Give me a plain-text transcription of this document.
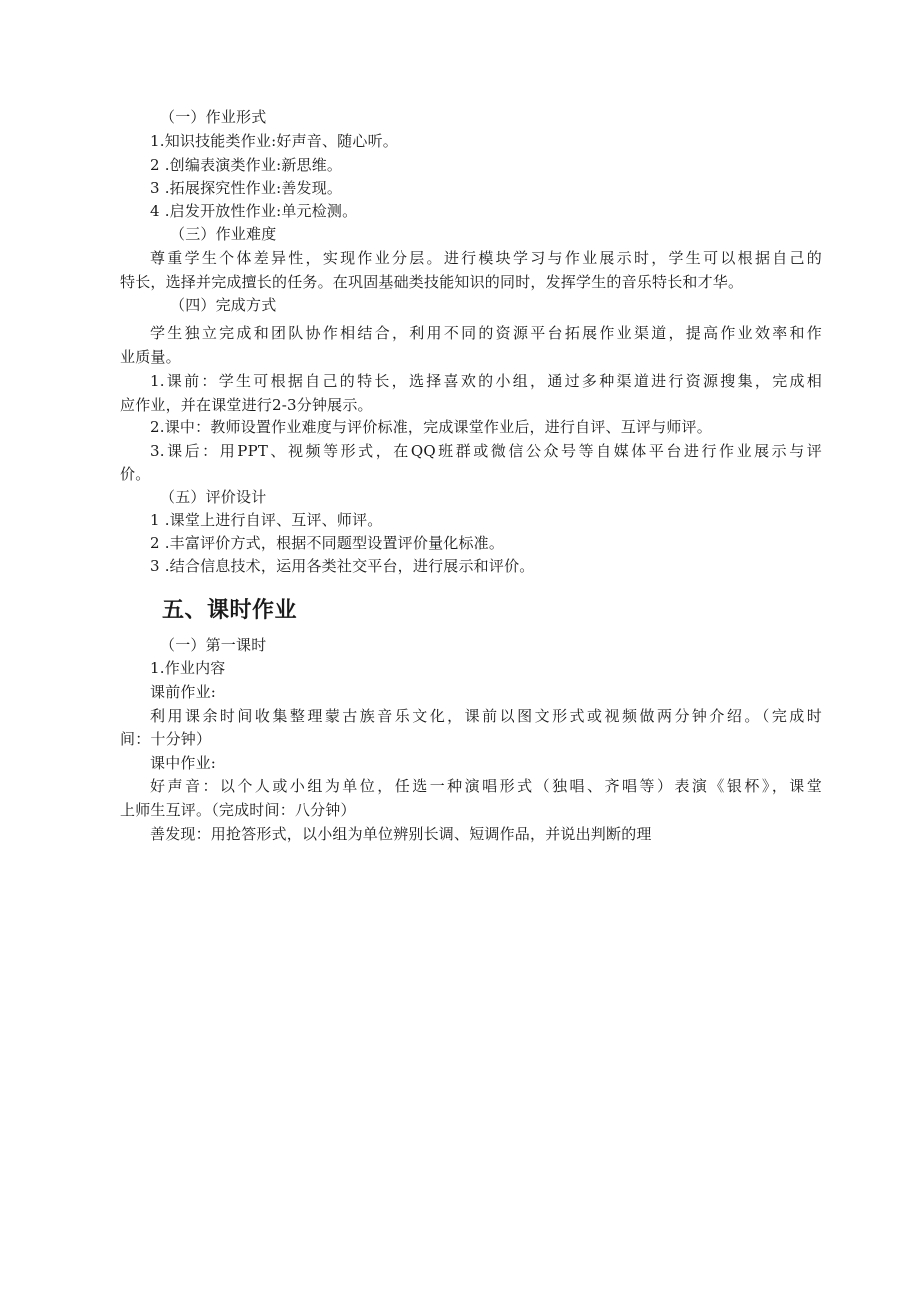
（一）作业形式
1.知识技能类作业:好声音、随心听。
2 .创编表演类作业:新思维。
3 .拓展探究性作业:善发现。
4 .启发开放性作业:单元检测。
（三）作业难度
尊重学生个体差异性，实现作业分层。进行模块学习与作业展示时，学生可以根据自己的
特长，选择并完成擅长的任务。在巩固基础类技能知识的同时，发挥学生的音乐特长和才华。
（四）完成方式
学生独立完成和团队协作相结合，利用不同的资源平台拓展作业渠道，提高作业效率和作
业质量。
1.课前：学生可根据自己的特长，选择喜欢的小组，通过多种渠道进行资源搜集，完成相
应作业，并在课堂进行2-3分钟展示。
2.课中：教师设置作业难度与评价标准，完成课堂作业后，进行自评、互评与师评。
3.课后：用PPT、视频等形式，在QQ班群或微信公众号等自媒体平台进行作业展示与评
价。
（五）评价设计
1 .课堂上进行自评、互评、师评。
2 .丰富评价方式，根据不同题型设置评价量化标准。
3 .结合信息技术，运用各类社交平台，进行展示和评价。
五、课时作业
（一）第一课时
1.作业内容
课前作业:
利用课余时间收集整理蒙古族音乐文化，课前以图文形式或视频做两分钟介绍。（完成时
间：十分钟）
课中作业:
好声音：以个人或小组为单位，任选一种演唱形式（独唱、齐唱等）表演《银杯》，课堂
上师生互评。（完成时间：八分钟）
善发现：用抢答形式，以小组为单位辨别长调、短调作品，并说出判断的理
